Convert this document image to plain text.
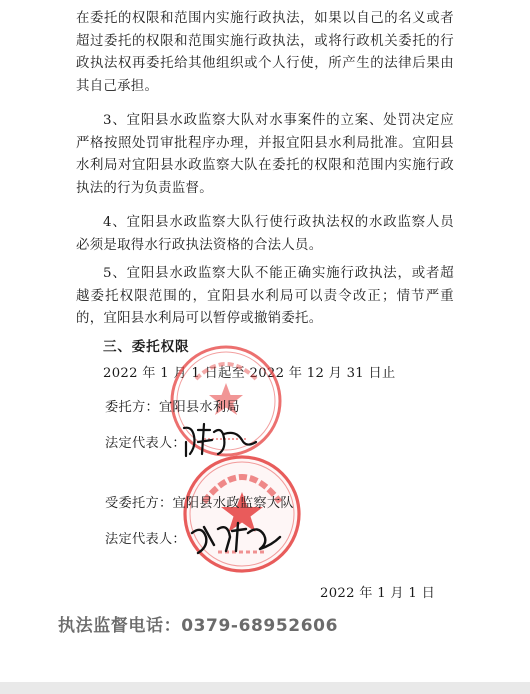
在委托的权限和范围内实施行政执法，如果以自己的名义或者超过委托的权限和范围实施行政执法，或将行政机关委托的行政执法权再委托给其他组织或个人行使，所产生的法律后果由其自己承担。

3、宜阳县水政监察大队对水事案件的立案、处罚决定应严格按照处罚审批程序办理，并报宜阳县水利局批准。宜阳县水利局对宜阳县水政监察大队在委托的权限和范围内实施行政执法的行为负责监督。

4、宜阳县水政监察大队行使行政执法权的水政监察人员必须是取得水行政执法资格的合法人员。

5、宜阳县水政监察大队不能正确实施行政执法，或者超越委托权限范围的，宜阳县水利局可以责令改正；情节严重的，宜阳县水利局可以暂停或撤销委托。

三、委托权限
2022 年 1 月 1 日起至 2022 年 12 月 31 日止
委托方：宜阳县水利局
法定代表人：
受委托方：宜阳县水政监察大队
法定代表人：
2022 年 1 月 1 日
执法监督电话：0379-68952606
